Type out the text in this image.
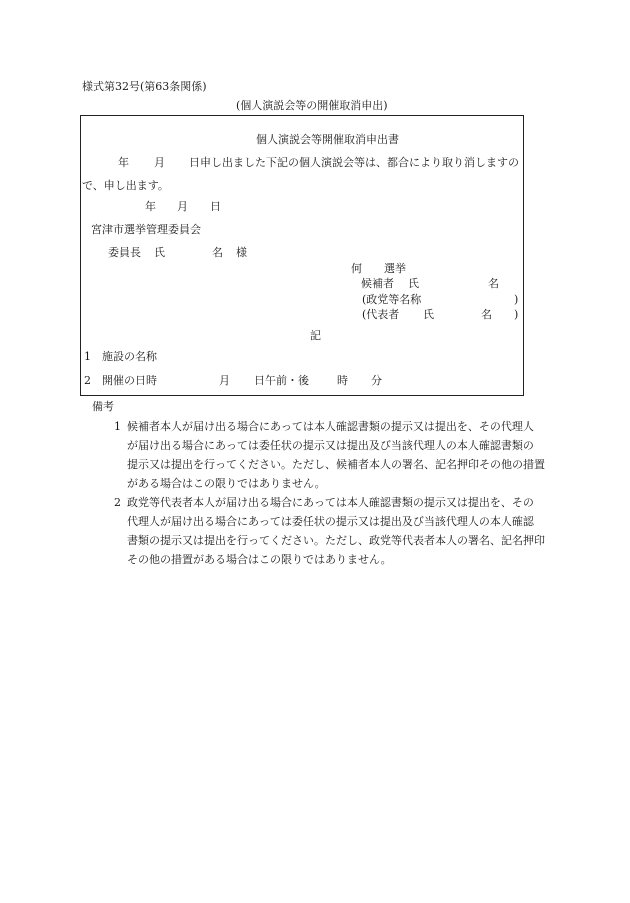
様式第32号(第63条関係)
(個人演説会等の開催取消申出)
個人演説会等開催取消申出書
年 月 日 申し出ました下記の個人演説会等は、都合により取り消しますの
で、申し出ます。
年 月 日
宮津市選挙管理委員会
委員長 氏	名 様
何 選挙
候補者 氏	名
(政党等名称	)
(代表者 氏	名 )
記
1 施設の名称
2 開催の日時	月 日午前・後	時 分
備考
1 候補者本人が届け出る場合にあっては本人確認書類の提示又は提出を、その代理人
が届け出る場合にあっては委任状の提示又は提出及び当該代理人の本人確認書類の
提示又は提出を行ってください。ただし、候補者本人の署名、記名押印その他の措置
がある場合はこの限りではありません。
2 政党等代表者本人が届け出る場合にあっては本人確認書類の提示又は提出を、その
代理人が届け出る場合にあっては委任状の提示又は提出及び当該代理人の本人確認
書類の提示又は提出を行ってください。ただし、政党等代表者本人の署名、記名押印
その他の措置がある場合はこの限りではありません。
